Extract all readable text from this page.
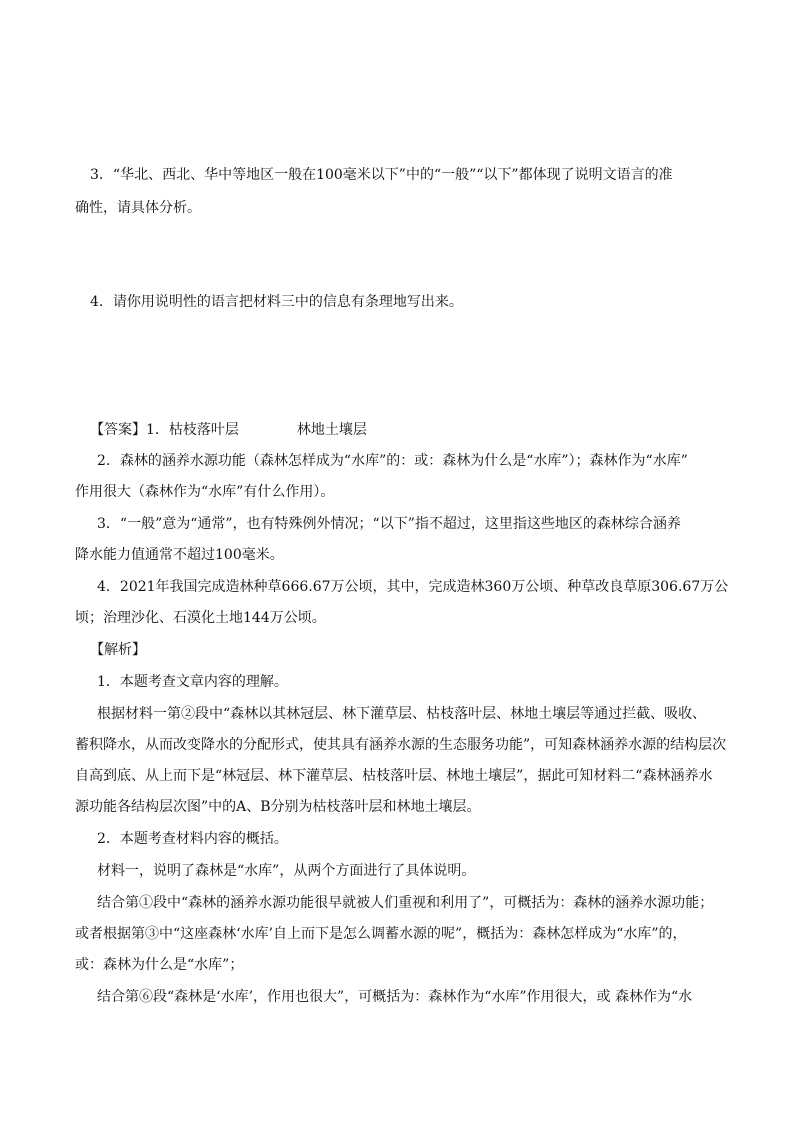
3．“华北、西北、华中等地区一般在100毫米以下”中的“一般”“以下”都体现了说明文语言的准
确性，请具体分析。
4．请你用说明性的语言把材料三中的信息有条理地写出来。
【答案】1．枯枝落叶层	林地土壤层
2．森林的涵养水源功能（森林怎样成为“水库”的：或：森林为什么是“水库”）；森林作为“水库”
作用很大（森林作为“水库”有什么作用）。
3．“一般”意为“通常”，也有特殊例外情况；“以下”指不超过，这里指这些地区的森林综合涵养
降水能力值通常不超过100毫米。
4．2021年我国完成造林种草666.67万公顷，其中，完成造林360万公顷、种草改良草原306.67万公
顷；治理沙化、石漠化土地144万公顷。
【解析】
1．本题考查文章内容的理解。
根据材料一第②段中“森林以其林冠层、林下灌草层、枯枝落叶层、林地土壤层等通过拦截、吸收、
蓄积降水，从而改变降水的分配形式，使其具有涵养水源的生态服务功能”，可知森林涵养水源的结构层次
自高到底、从上而下是“林冠层、林下灌草层、枯枝落叶层、林地土壤层”，据此可知材料二“森林涵养水
源功能各结构层次图”中的A、B分别为枯枝落叶层和林地土壤层。
2．本题考查材料内容的概括。
材料一，说明了森林是“水库”，从两个方面进行了具体说明。
结合第①段中“森林的涵养水源功能很早就被人们重视和利用了”，可概括为：森林的涵养水源功能；
或者根据第③中“这座森林‘水库’自上而下是怎么调蓄水源的呢”，概括为：森林怎样成为“水库”的，
或：森林为什么是“水库”；
结合第⑥段“森林是‘水库’，作用也很大”，可概括为：森林作为“水库”作用很大，或 森林作为“水
